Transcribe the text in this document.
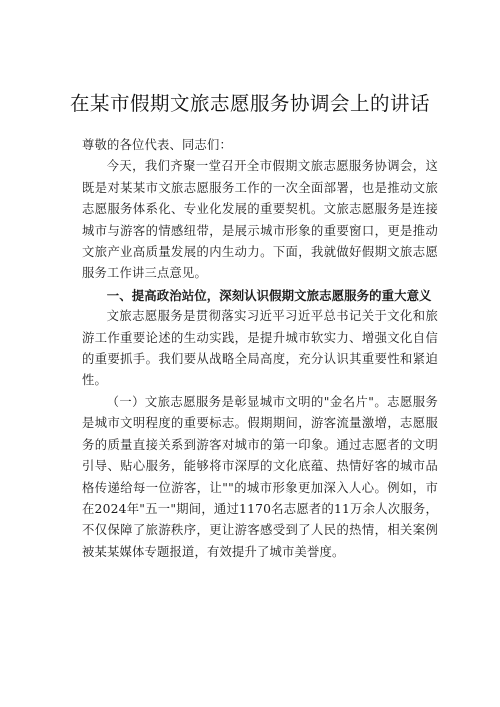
在某市假期文旅志愿服务协调会上的讲话

尊敬的各位代表、同志们：

今天，我们齐聚一堂召开全市假期文旅志愿服务协调会，这既是对某某市文旅志愿服务工作的一次全面部署，也是推动文旅志愿服务体系化、专业化发展的重要契机。文旅志愿服务是连接城市与游客的情感纽带，是展示城市形象的重要窗口，更是推动文旅产业高质量发展的内生动力。下面，我就做好假期文旅志愿服务工作讲三点意见。

一、提高政治站位，深刻认识假期文旅志愿服务的重大意义

文旅志愿服务是贯彻落实习近平习近平总书记关于文化和旅游工作重要论述的生动实践，是提升城市软实力、增强文化自信的重要抓手。我们要从战略全局高度，充分认识其重要性和紧迫性。

（一）文旅志愿服务是彰显城市文明的"金名片"。志愿服务是城市文明程度的重要标志。假期期间，游客流量激增，志愿服务的质量直接关系到游客对城市的第一印象。通过志愿者的文明引导、贴心服务，能够将市深厚的文化底蕴、热情好客的城市品格传递给每一位游客，让""的城市形象更加深入人心。例如，市在2024年"五一"期间，通过1170名志愿者的11万余人次服务，不仅保障了旅游秩序，更让游客感受到了人民的热情，相关案例被某某媒体专题报道，有效提升了城市美誉度。
